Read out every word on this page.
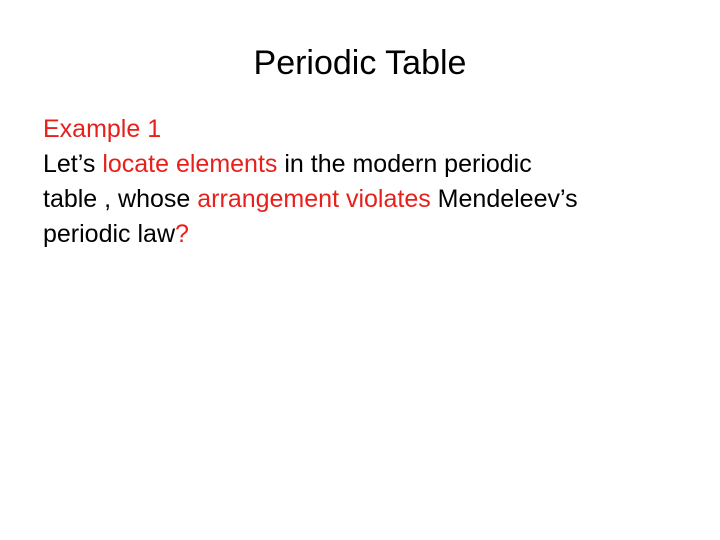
Periodic Table
Example 1
Let’s locate elements in the modern periodic
table , whose arrangement violates Mendeleev’s
periodic law?
